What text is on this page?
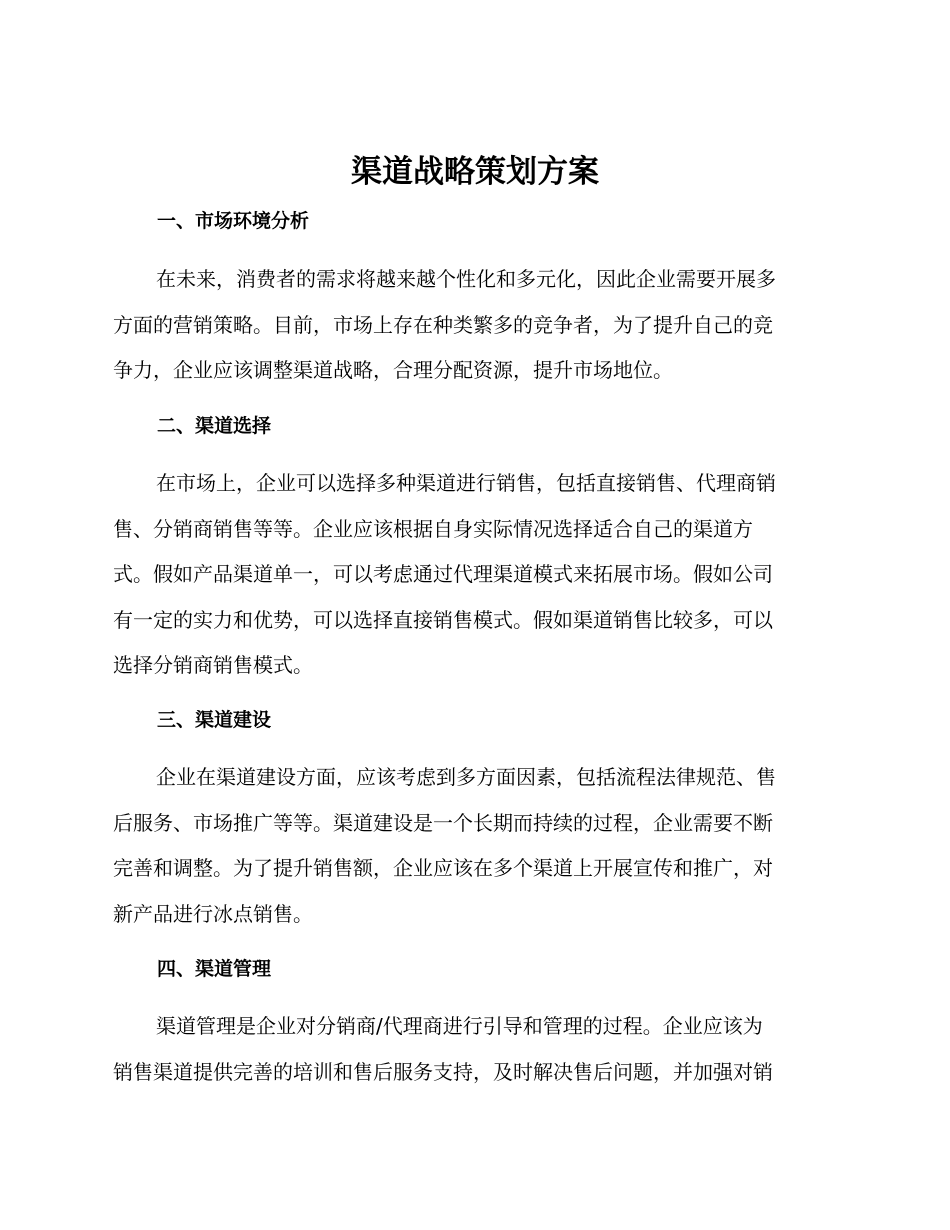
渠道战略策划方案
一、市场环境分析
在未来，消费者的需求将越来越个性化和多元化，因此企业需要开展多
方面的营销策略。目前，市场上存在种类繁多的竞争者，为了提升自己的竞
争力，企业应该调整渠道战略，合理分配资源，提升市场地位。
二、渠道选择
在市场上，企业可以选择多种渠道进行销售，包括直接销售、代理商销
售、分销商销售等等。企业应该根据自身实际情况选择适合自己的渠道方
式。假如产品渠道单一，可以考虑通过代理渠道模式来拓展市场。假如公司
有一定的实力和优势，可以选择直接销售模式。假如渠道销售比较多，可以
选择分销商销售模式。
三、渠道建设
企业在渠道建设方面，应该考虑到多方面因素，包括流程法律规范、售
后服务、市场推广等等。渠道建设是一个长期而持续的过程，企业需要不断
完善和调整。为了提升销售额，企业应该在多个渠道上开展宣传和推广，对
新产品进行冰点销售。
四、渠道管理
渠道管理是企业对分销商/代理商进行引导和管理的过程。企业应该为
销售渠道提供完善的培训和售后服务支持，及时解决售后问题，并加强对销
